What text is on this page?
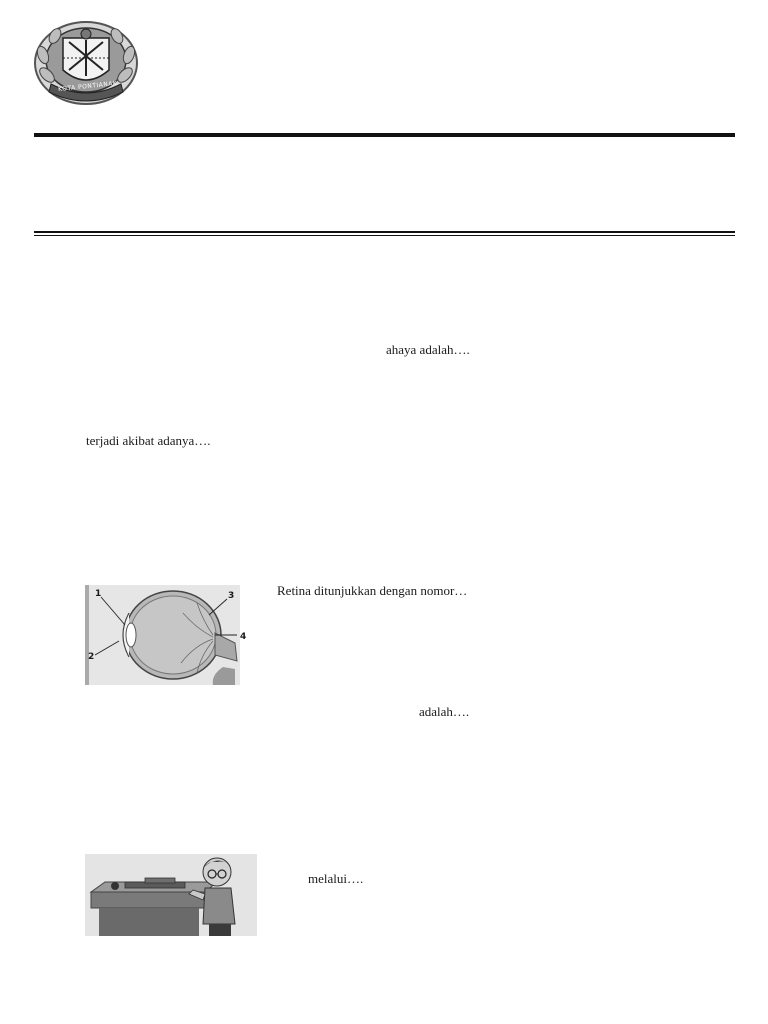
KOTA PONTIANAK
ahaya adalah….
terjadi akibat adanya….
Retina ditunjukkan dengan nomor…
adalah….
melalui….
1
2
3
4
